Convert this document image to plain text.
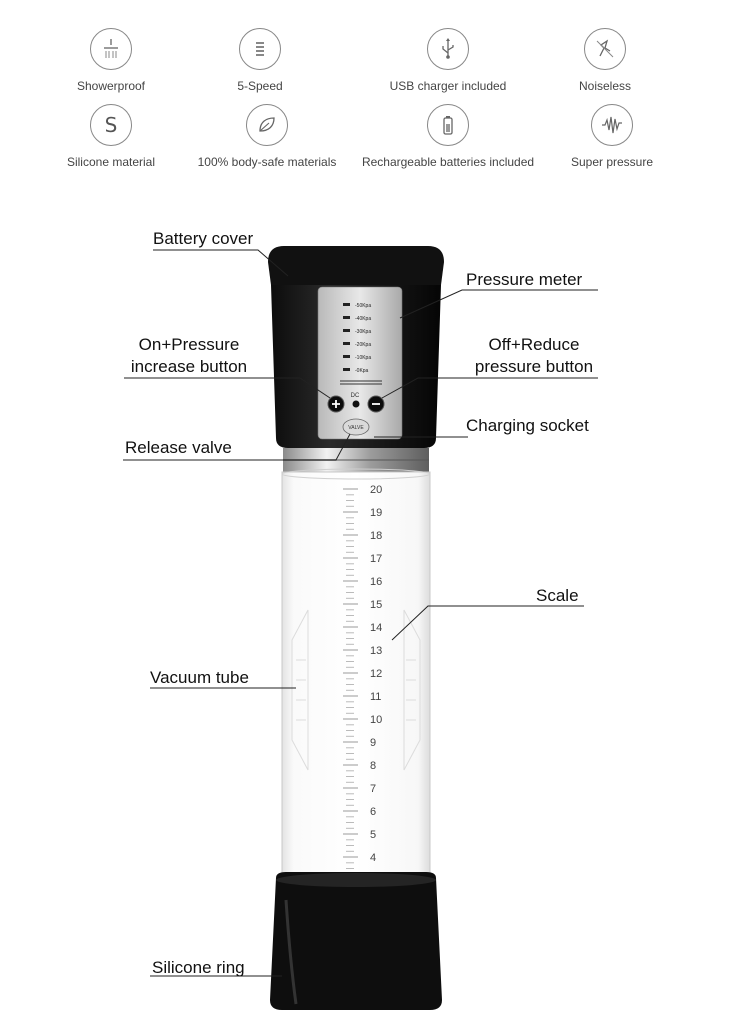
Showerproof	5-Speed	USB charger included	Noiseless
S
Silicone material	100% body-safe materials	Rechargeable batteries included	Super pressure
-50Kpa
-40Kpa
-30Kpa
-20Kpa
-10Kpa
-0Kpa
DC
VALVE
20
19
18
17
16
15
14
13
12
11
10
9
8
7
6
5
4
Battery cover
Pressure meter
On+Pressure
increase button
Off+Reduce
pressure button
Charging socket
Release valve
Scale
Vacuum tube
Silicone ring
